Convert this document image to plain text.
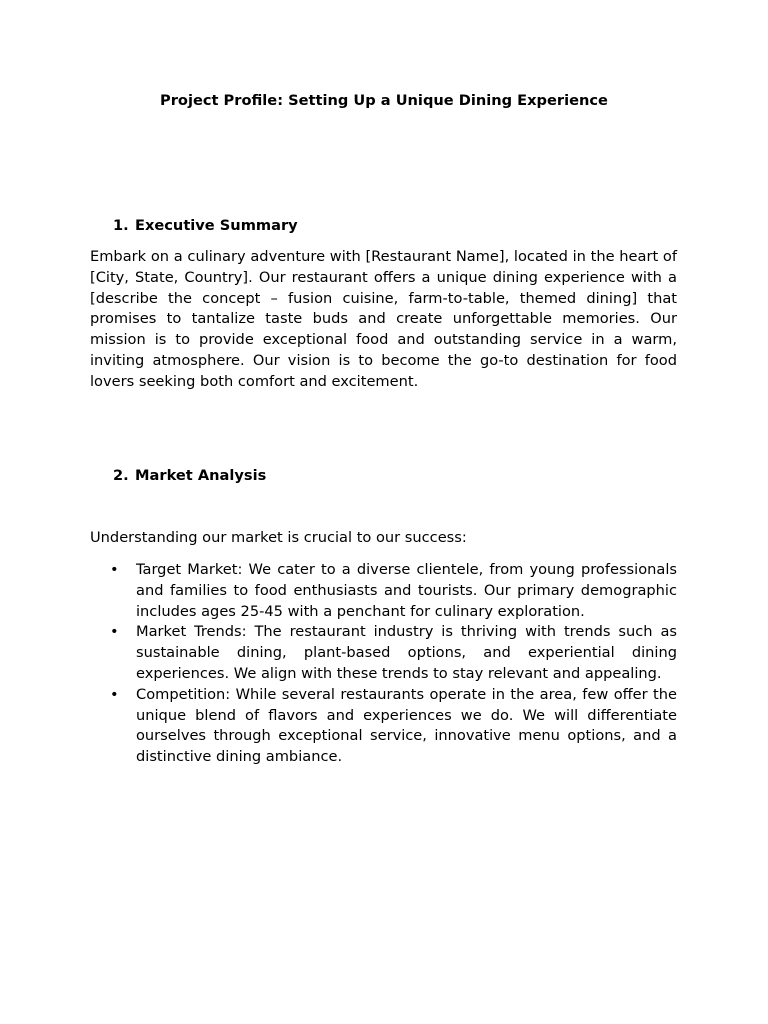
Project Profile: Setting Up a Unique Dining Experience
1. Executive Summary

Embark on a culinary adventure with [Restaurant Name], located in the heart of [City, State, Country]. Our restaurant offers a unique dining experience with a [describe the concept – fusion cuisine, farm-to-table, themed dining] that promises to tantalize taste buds and create unforgettable memories. Our mission is to provide exceptional food and outstanding service in a warm, inviting atmosphere. Our vision is to become the go-to destination for food lovers seeking both comfort and excitement.

2. Market Analysis

Understanding our market is crucial to our success:

• Target Market: We cater to a diverse clientele, from young professionals and families to food enthusiasts and tourists. Our primary demographic includes ages 25-45 with a penchant for culinary exploration.
• Market Trends: The restaurant industry is thriving with trends such as sustainable dining, plant-based options, and experiential dining experiences. We align with these trends to stay relevant and appealing.
• Competition: While several restaurants operate in the area, few offer the unique blend of flavors and experiences we do. We will differentiate ourselves through exceptional service, innovative menu options, and a distinctive dining ambiance.
